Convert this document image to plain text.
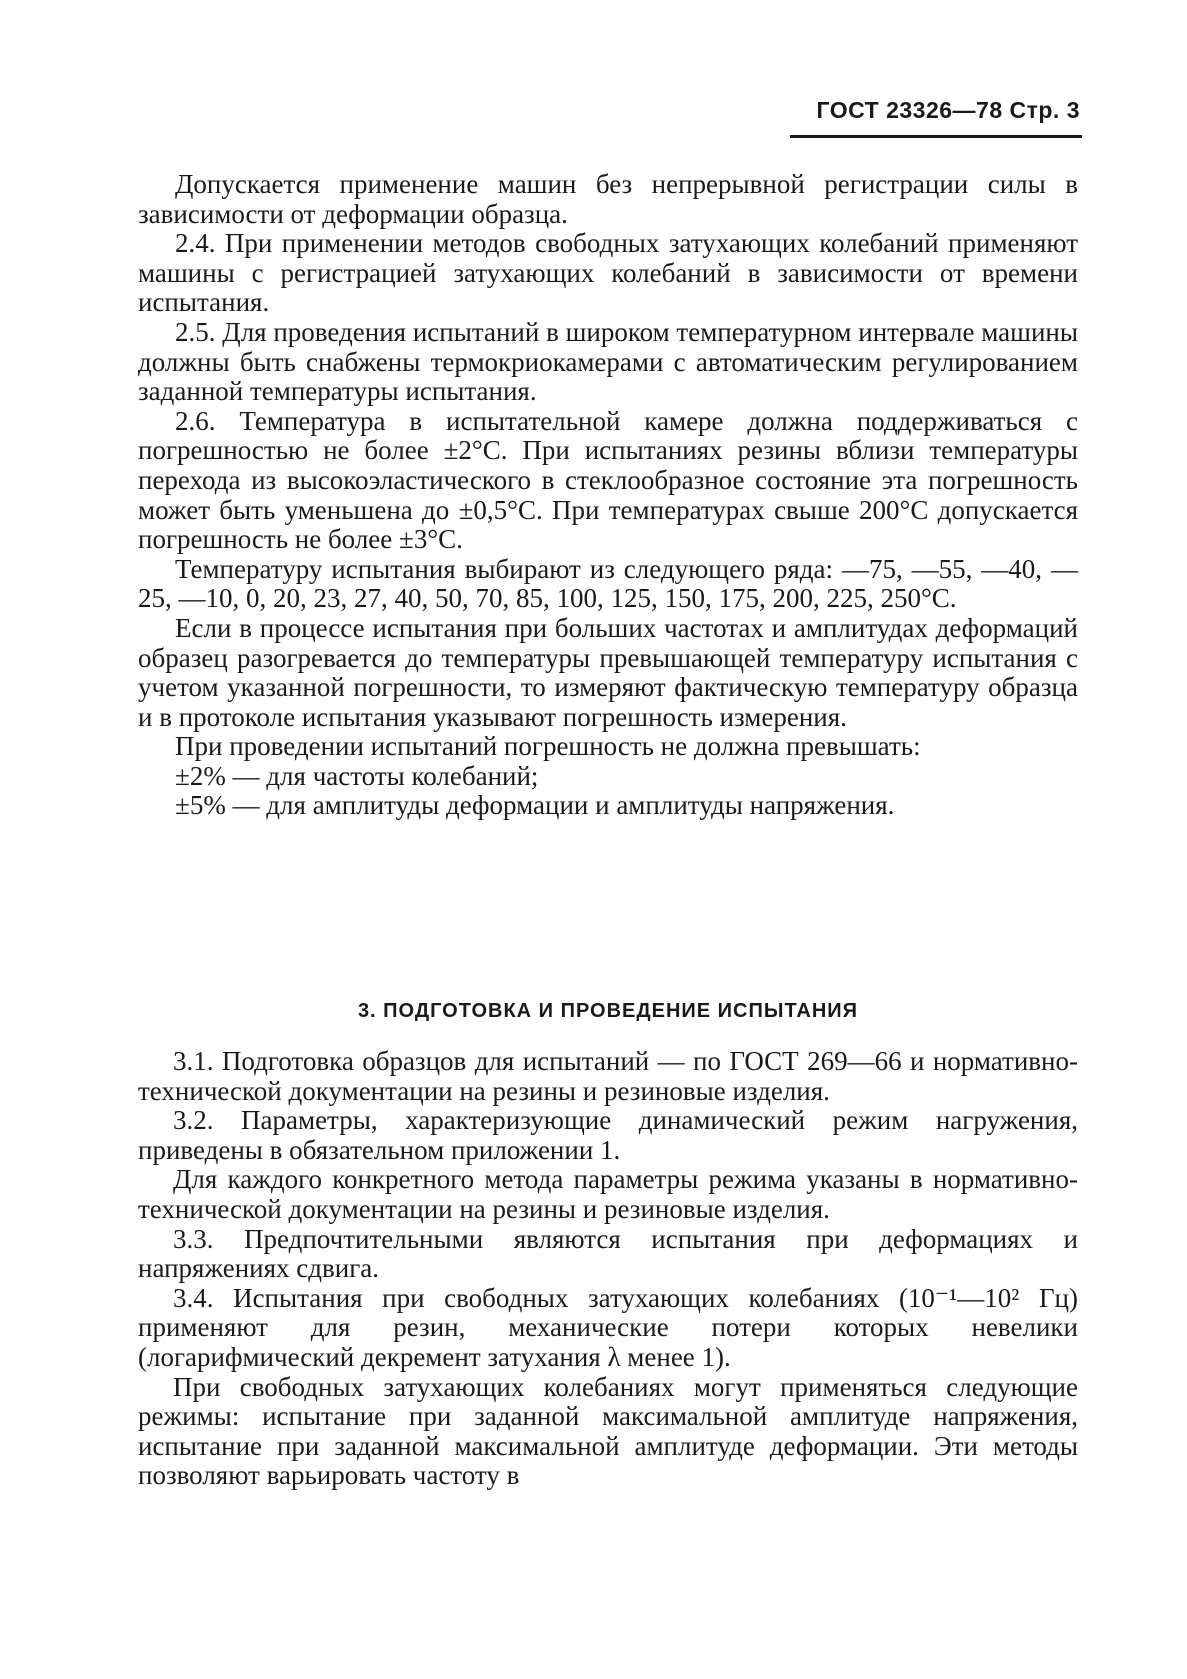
ГОСТ 23326—78 Стр. 3

Допускается применение машин без непрерывной регистрации силы в зависимости от деформации образца.

2.4. При применении методов свободных затухающих колебаний применяют машины с регистрацией затухающих колебаний в зависимости от времени испытания.

2.5. Для проведения испытаний в широком температурном интервале машины должны быть снабжены термокриокамерами с автоматическим регулированием заданной температуры испытания.

2.6. Температура в испытательной камере должна поддерживаться с погрешностью не более ±2°С. При испытаниях резины вблизи температуры перехода из высокоэластического в стеклообразное состояние эта погрешность может быть уменьшена до ±0,5°С. При температурах свыше 200°С допускается погрешность не более ±3°С.

Температуру испытания выбирают из следующего ряда: —75, —55, —40, —25, —10, 0, 20, 23, 27, 40, 50, 70, 85, 100, 125, 150, 175, 200, 225, 250°С.

Если в процессе испытания при больших частотах и амплитудах деформаций образец разогревается до температуры превышающей температуру испытания с учетом указанной погрешности, то измеряют фактическую температуру образца и в протоколе испытания указывают погрешность измерения.

При проведении испытаний погрешность не должна превышать:

±2% — для частоты колебаний;

±5% — для амплитуды деформации и амплитуды напряжения.

3. ПОДГОТОВКА И ПРОВЕДЕНИЕ ИСПЫТАНИЯ

3.1. Подготовка образцов для испытаний — по ГОСТ 269—66 и нормативно-технической документации на резины и резиновые изделия.

3.2. Параметры, характеризующие динамический режим нагружения, приведены в обязательном приложении 1.

Для каждого конкретного метода параметры режима указаны в нормативно-технической документации на резины и резиновые изделия.

3.3. Предпочтительными являются испытания при деформациях и напряжениях сдвига.

3.4. Испытания при свободных затухающих колебаниях (10⁻¹—10² Гц) применяют для резин, механические потери которых невелики (логарифмический декремент затухания λ менее 1).

При свободных затухающих колебаниях могут применяться следующие режимы: испытание при заданной максимальной амплитуде напряжения, испытание при заданной максимальной амплитуде деформации. Эти методы позволяют варьировать частоту в
